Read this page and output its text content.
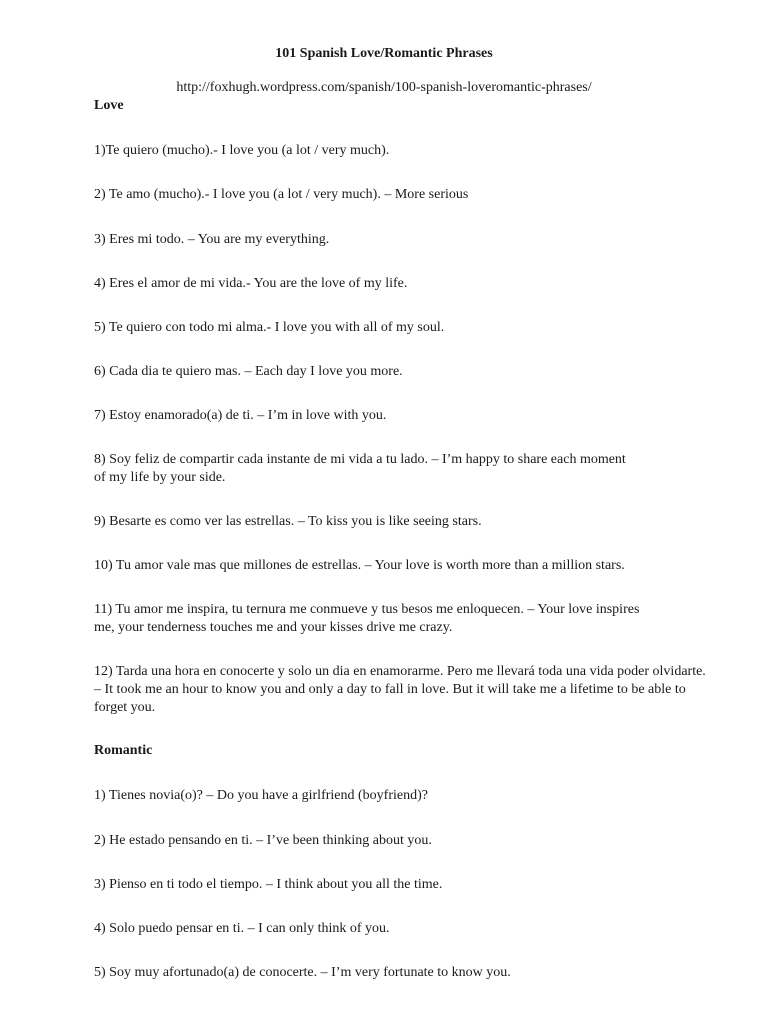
101 Spanish Love/Romantic Phrases
http://foxhugh.wordpress.com/spanish/100-spanish-loveromantic-phrases/
Love
1)Te quiero (mucho).- I love you (a lot / very much).
2) Te amo (mucho).- I love you (a lot / very much). – More serious
3) Eres mi todo. – You are my everything.
4) Eres el amor de mi vida.- You are the love of my life.
5) Te quiero con todo mi alma.- I love you with all of my soul.
6) Cada dia te quiero mas. – Each day I love you more.
7) Estoy enamorado(a) de ti. – I’m in love with you.
8) Soy feliz de compartir cada instante de mi vida a tu lado. – I’m happy to share each moment of my life by your side.
9) Besarte es como ver las estrellas. – To kiss you is like seeing stars.
10) Tu amor vale mas que millones de estrellas. – Your love is worth more than a million stars.
11) Tu amor me inspira, tu ternura me conmueve y tus besos me enloquecen. – Your love inspires me, your tenderness touches me and your kisses drive me crazy.
12) Tarda una hora en conocerte y solo un dia en enamorarme. Pero me llevará toda una vida poder olvidarte. – It took me an hour to know you and only a day to fall in love. But it will take me a lifetime to be able to forget you.
Romantic
1) Tienes novia(o)? – Do you have a girlfriend (boyfriend)?
2) He estado pensando en ti. – I’ve been thinking about you.
3) Pienso en ti todo el tiempo. – I think about you all the time.
4) Solo puedo pensar en ti. – I can only think of you.
5) Soy muy afortunado(a) de conocerte. – I’m very fortunate to know you.
